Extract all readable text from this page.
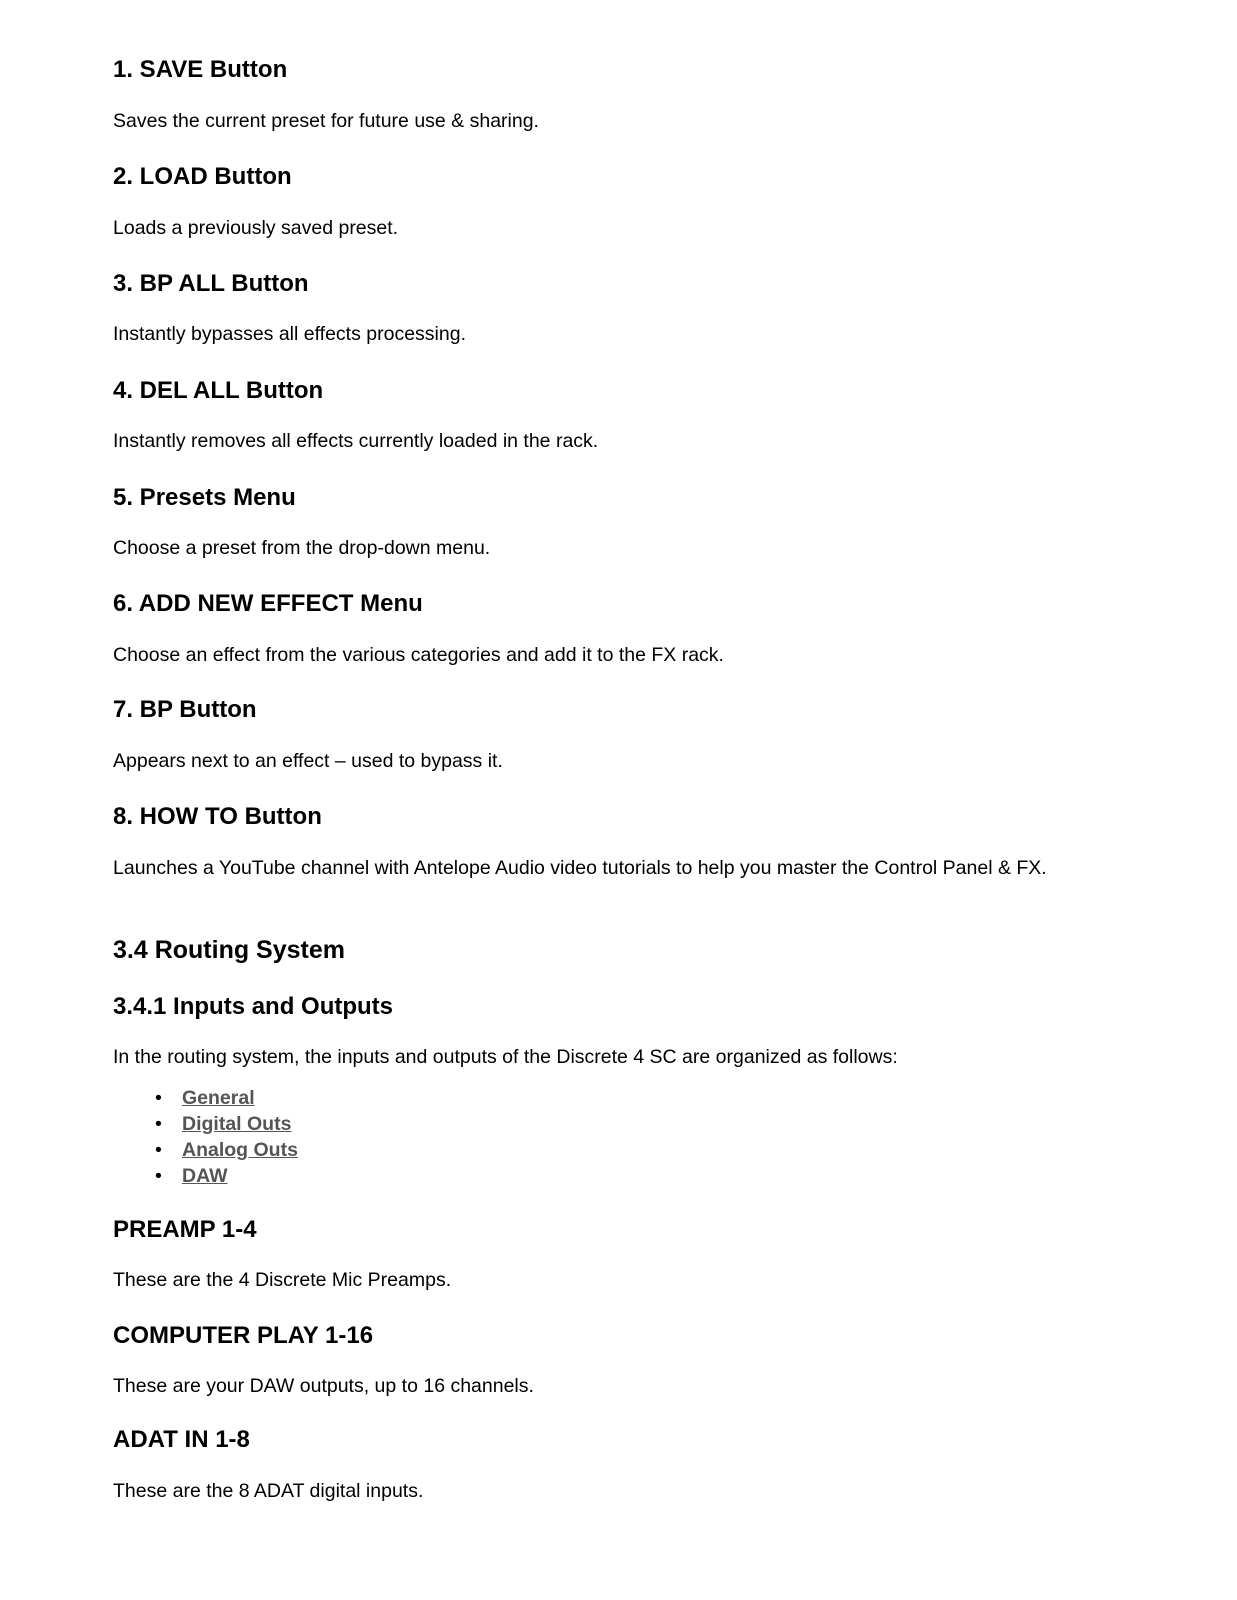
1. SAVE Button

Saves the current preset for future use & sharing.

2. LOAD Button

Loads a previously saved preset.

3. BP ALL Button

Instantly bypasses all effects processing.

4. DEL ALL Button

Instantly removes all effects currently loaded in the rack.

5. Presets Menu

Choose a preset from the drop-down menu.

6. ADD NEW EFFECT Menu

Choose an effect from the various categories and add it to the FX rack.

7. BP Button

Appears next to an effect – used to bypass it.

8. HOW TO Button

Launches a YouTube channel with Antelope Audio video tutorials to help you master the Control Panel & FX.

3.4 Routing System
3.4.1 Inputs and Outputs

In the routing system, the inputs and outputs of the Discrete 4 SC are organized as follows:

• General
• Digital Outs
• Analog Outs
• DAW
PREAMP 1-4

These are the 4 Discrete Mic Preamps.

COMPUTER PLAY 1-16

These are your DAW outputs, up to 16 channels.

ADAT IN 1-8

These are the 8 ADAT digital inputs.
